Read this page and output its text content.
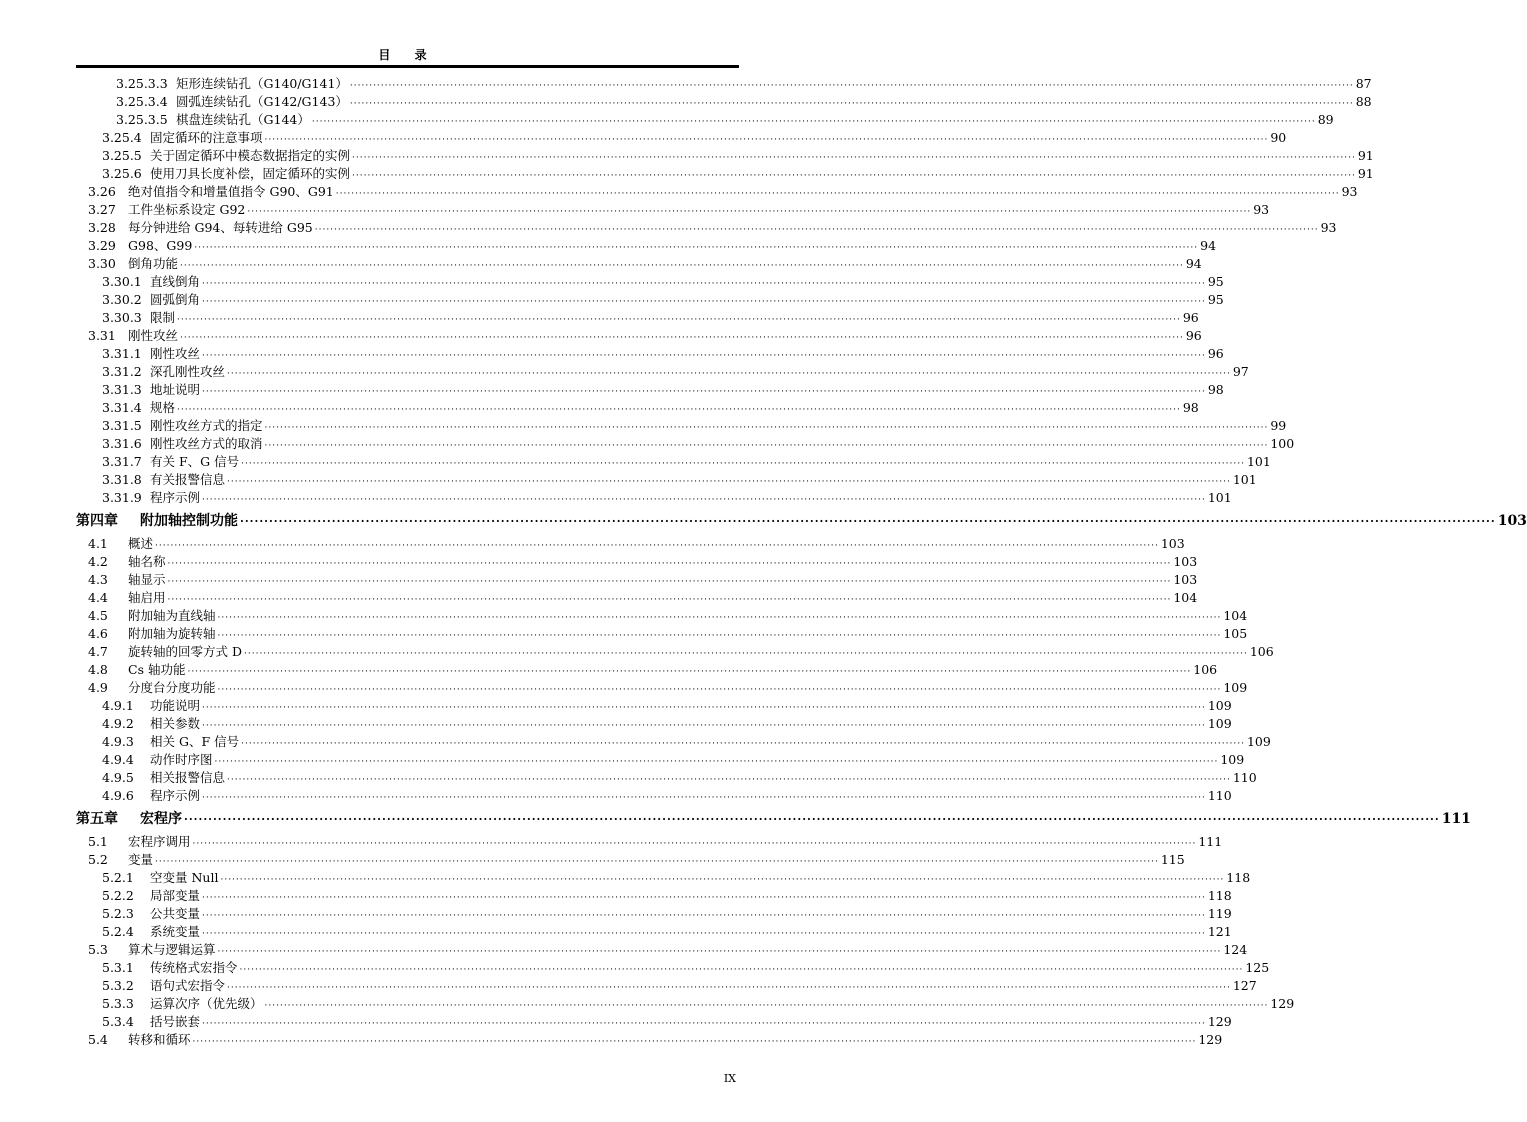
目 录
3.25.3.3 矩形连续钻孔（G140/G141） ···································································································································································································································································· 87
3.25.3.4 圆弧连续钻孔（G142/G143） ···································································································································································································································································· 88
3.25.3.5 棋盘连续钻孔（G144） ···································································································································································································································································· 89
3.25.4 固定循环的注意事项 ···································································································································································································································································· 90
3.25.5 关于固定循环中模态数据指定的实例 ···································································································································································································································································· 91
3.25.6 使用刀具长度补偿，固定循环的实例 ···································································································································································································································································· 91
3.26 绝对值指令和增量值指令 G90、G91 ···································································································································································································································································· 93
3.27 工件坐标系设定 G92 ···································································································································································································································································· 93
3.28 每分钟进给 G94、每转进给 G95 ···································································································································································································································································· 93
3.29 G98、G99 ···································································································································································································································································· 94
3.30 倒角功能 ···································································································································································································································································· 94
3.30.1 直线倒角 ···································································································································································································································································· 95
3.30.2 圆弧倒角 ···································································································································································································································································· 95
3.30.3 限制 ···································································································································································································································································· 96
3.31 刚性攻丝 ···································································································································································································································································· 96
3.31.1 刚性攻丝 ···································································································································································································································································· 96
3.31.2 深孔刚性攻丝 ···································································································································································································································································· 97
3.31.3 地址说明 ···································································································································································································································································· 98
3.31.4 规格 ···································································································································································································································································· 98
3.31.5 刚性攻丝方式的指定 ···································································································································································································································································· 99
3.31.6 刚性攻丝方式的取消 ···································································································································································································································································· 100
3.31.7 有关 F、G 信号 ···································································································································································································································································· 101
3.31.8 有关报警信息 ···································································································································································································································································· 101
3.31.9 程序示例 ···································································································································································································································································· 101
第四章	附加轴控制功能 ···································································································································································································································································· 103
4.1	概述 ···································································································································································································································································· 103
4.2	轴名称 ···································································································································································································································································· 103
4.3	轴显示 ···································································································································································································································································· 103
4.4	轴启用 ···································································································································································································································································· 104
4.5	附加轴为直线轴 ···································································································································································································································································· 104
4.6	附加轴为旋转轴 ···································································································································································································································································· 105
4.7	旋转轴的回零方式 D ···································································································································································································································································· 106
4.8	Cs 轴功能 ···································································································································································································································································· 106
4.9	分度台分度功能 ···································································································································································································································································· 109
4.9.1	功能说明 ···································································································································································································································································· 109
4.9.2	相关参数 ···································································································································································································································································· 109
4.9.3	相关 G、F 信号 ···································································································································································································································································· 109
4.9.4	动作时序图 ···································································································································································································································································· 109
4.9.5	相关报警信息 ···································································································································································································································································· 110
4.9.6	程序示例 ···································································································································································································································································· 110
第五章	宏程序 ···································································································································································································································································· 111
5.1	宏程序调用 ···································································································································································································································································· 111
5.2	变量 ···································································································································································································································································· 115
5.2.1	空变量 Null ···································································································································································································································································· 118
5.2.2	局部变量 ···································································································································································································································································· 118
5.2.3	公共变量 ···································································································································································································································································· 119
5.2.4	系统变量 ···································································································································································································································································· 121
5.3	算术与逻辑运算 ···································································································································································································································································· 124
5.3.1	传统格式宏指令 ···································································································································································································································································· 125
5.3.2	语句式宏指令 ···································································································································································································································································· 127
5.3.3	运算次序（优先级） ···································································································································································································································································· 129
5.3.4	括号嵌套 ···································································································································································································································································· 129
5.4	转移和循环 ···································································································································································································································································· 129
IX
